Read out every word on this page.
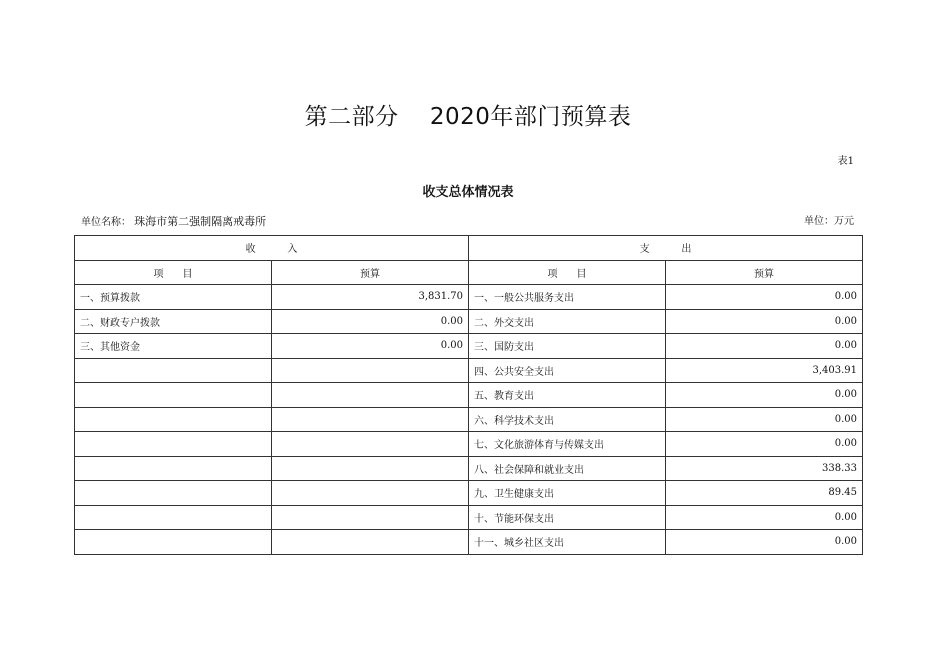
第二部分    2020年部门预算表
表1
收支总体情况表
单位名称： 珠海市第二强制隔离戒毒所	单位：万元
收          入		支          出	
项      目	预算	项      目	预算
一、预算拨款	3,831.70	一、一般公共服务支出	0.00
二、财政专户拨款	0.00	二、外交支出	0.00
三、其他资金	0.00	三、国防支出	0.00
		四、公共安全支出	3,403.91
		五、教育支出	0.00
		六、科学技术支出	0.00
		七、文化旅游体育与传媒支出	0.00
		八、社会保障和就业支出	338.33
		九、卫生健康支出	89.45
		十、节能环保支出	0.00
		十一、城乡社区支出	0.00
